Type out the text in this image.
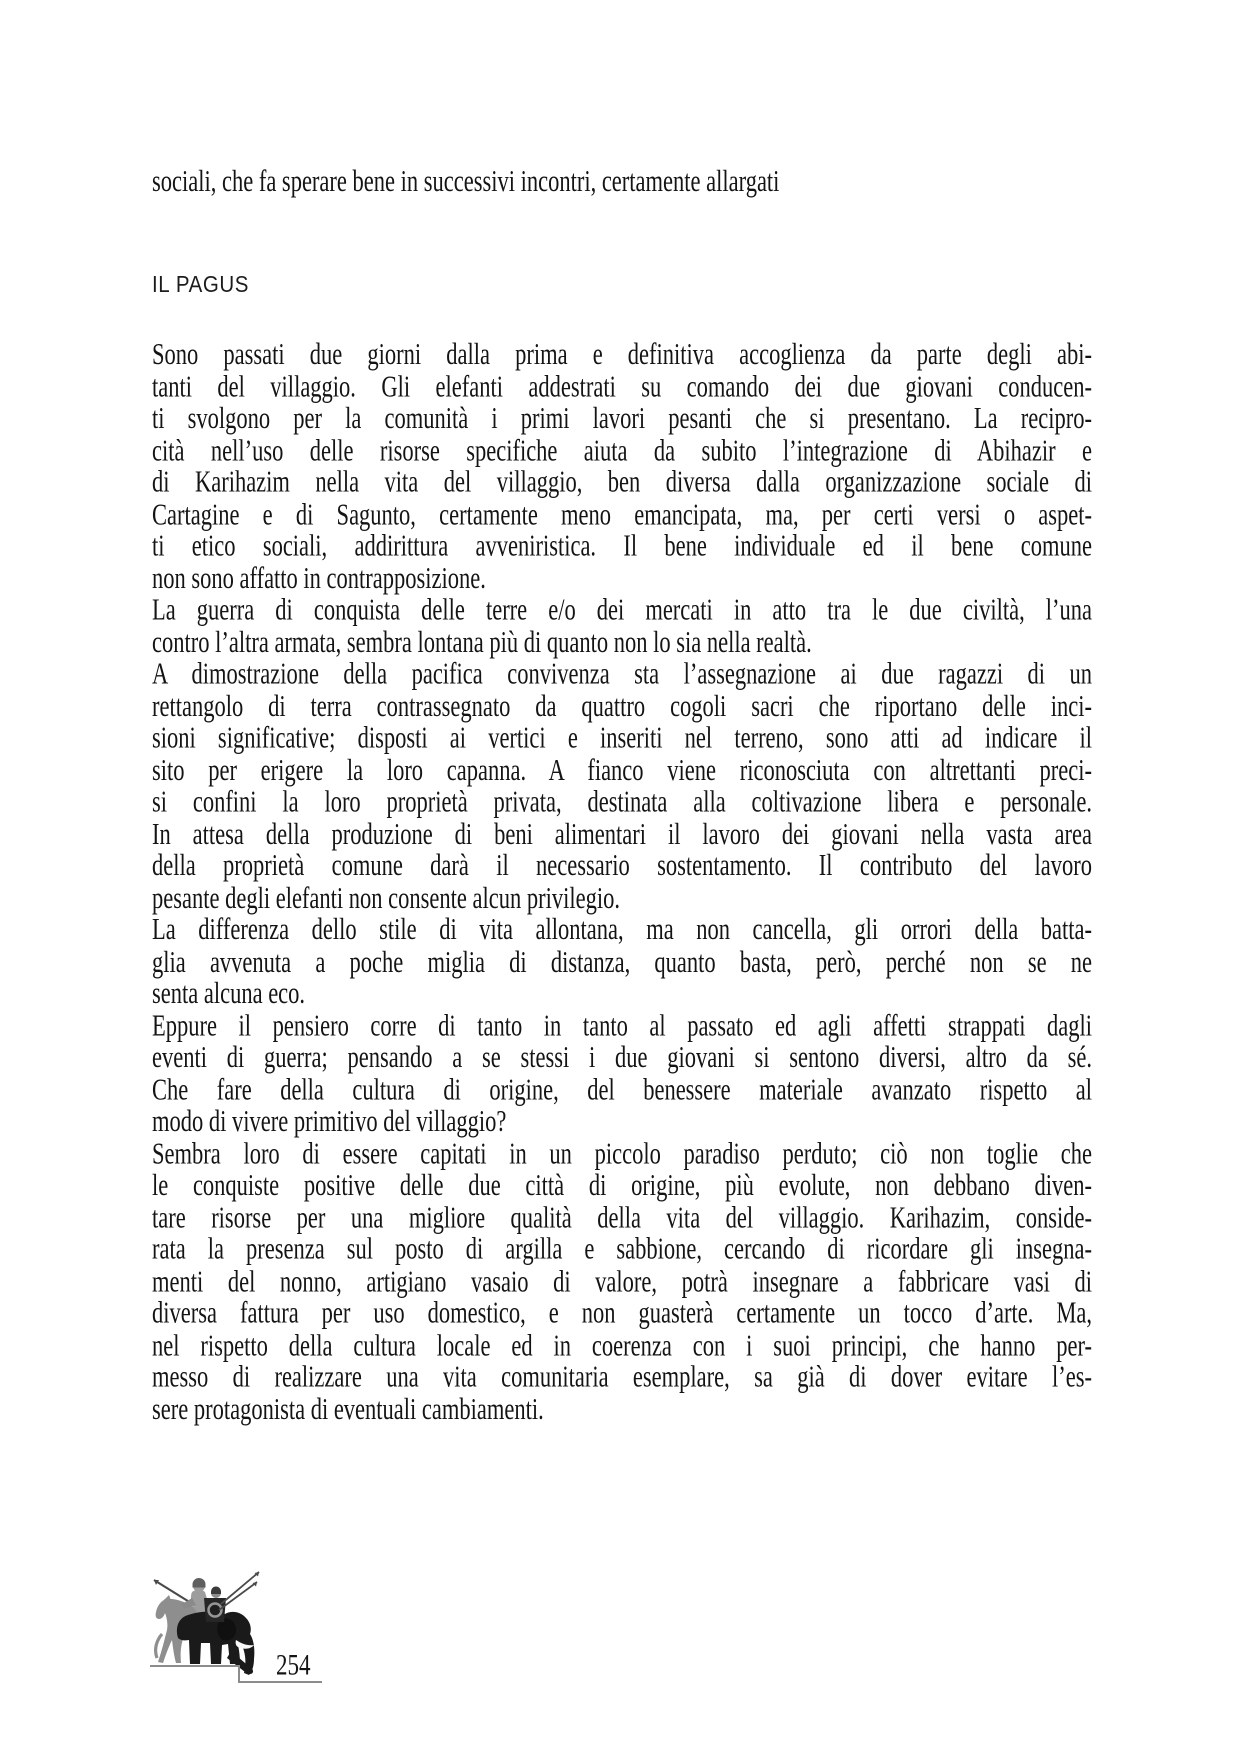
sociali, che fa sperare bene in successivi incontri, certamente allargati
IL PAGUS
Sono passati due giorni dalla prima e definitiva accoglienza da parte degli abi-
tanti del villaggio. Gli elefanti addestrati su comando dei due giovani conducen-
ti svolgono per la comunità i primi lavori pesanti che si presentano. La recipro-
cità nell’uso delle risorse specifiche aiuta da subito l’integrazione di Abihazir e
di Karihazim nella vita del villaggio, ben diversa dalla organizzazione sociale di
Cartagine e di Sagunto, certamente meno emancipata, ma, per certi versi o aspet-
ti etico sociali, addirittura avveniristica. Il bene individuale ed il bene comune
non sono affatto in contrapposizione.
La guerra di conquista delle terre e/o dei mercati in atto tra le due civiltà, l’una
contro l’altra armata, sembra lontana più di quanto non lo sia nella realtà.
A dimostrazione della pacifica convivenza sta l’assegnazione ai due ragazzi di un
rettangolo di terra contrassegnato da quattro cogoli sacri che riportano delle inci-
sioni significative; disposti ai vertici e inseriti nel terreno, sono atti ad indicare il
sito per erigere la loro capanna. A fianco viene riconosciuta con altrettanti preci-
si confini la loro proprietà privata, destinata alla coltivazione libera e personale.
In attesa della produzione di beni alimentari il lavoro dei giovani nella vasta area
della proprietà comune darà il necessario sostentamento. Il contributo del lavoro
pesante degli elefanti non consente alcun privilegio.
La differenza dello stile di vita allontana, ma non cancella, gli orrori della batta-
glia avvenuta a poche miglia di distanza, quanto basta, però, perché non se ne
senta alcuna eco.
Eppure il pensiero corre di tanto in tanto al passato ed agli affetti strappati dagli
eventi di guerra; pensando a se stessi i due giovani si sentono diversi, altro da sé.
Che fare della cultura di origine, del benessere materiale avanzato rispetto al
modo di vivere primitivo del villaggio?
Sembra loro di essere capitati in un piccolo paradiso perduto; ciò non toglie che
le conquiste positive delle due città di origine, più evolute, non debbano diven-
tare risorse per una migliore qualità della vita del villaggio. Karihazim, conside-
rata la presenza sul posto di argilla e sabbione, cercando di ricordare gli insegna-
menti del nonno, artigiano vasaio di valore, potrà insegnare a fabbricare vasi di
diversa fattura per uso domestico, e non guasterà certamente un tocco d’arte. Ma,
nel rispetto della cultura locale ed in coerenza con i suoi principi, che hanno per-
messo di realizzare una vita comunitaria esemplare, sa già di dover evitare l’es-
sere protagonista di eventuali cambiamenti.
254
